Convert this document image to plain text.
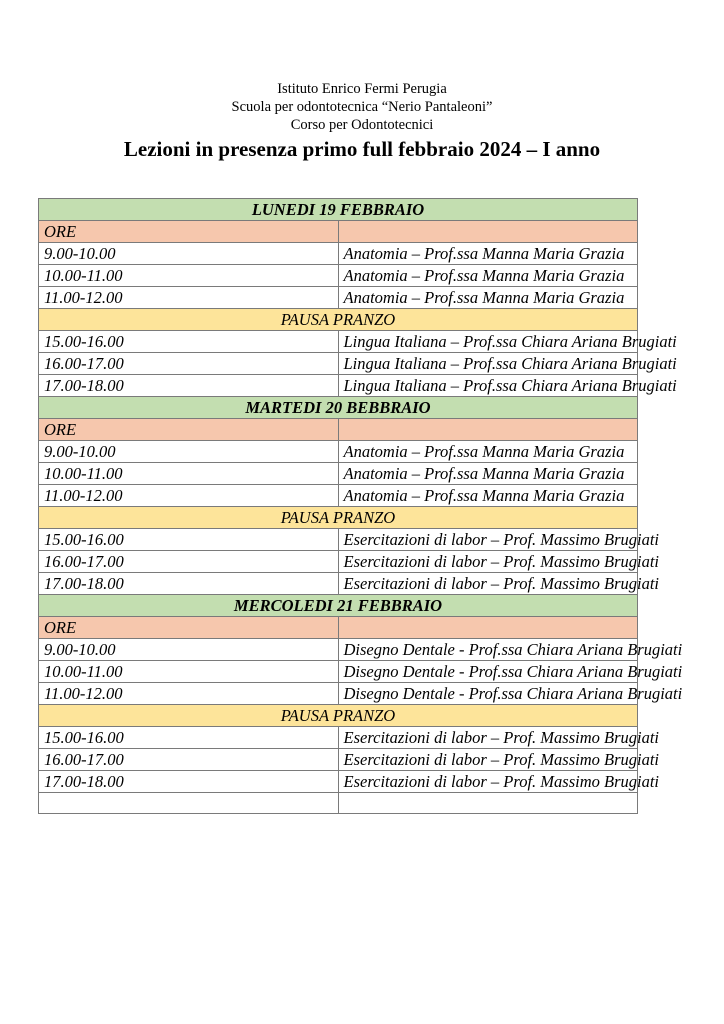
Istituto Enrico Fermi Perugia
Scuola per odontotecnica “Nerio Pantaleoni”
Corso per Odontotecnici
Lezioni in presenza primo full febbraio 2024 – I anno
LUNEDI 19 FEBBRAIO	
ORE	
9.00-10.00	Anatomia – Prof.ssa Manna Maria Grazia
10.00-11.00	Anatomia – Prof.ssa Manna Maria Grazia
11.00-12.00	Anatomia – Prof.ssa Manna Maria Grazia
PAUSA PRANZO	
15.00-16.00	Lingua Italiana – Prof.ssa Chiara Ariana Brugiati
16.00-17.00	Lingua Italiana – Prof.ssa Chiara Ariana Brugiati
17.00-18.00	Lingua Italiana – Prof.ssa Chiara Ariana Brugiati
MARTEDI 20 BEBBRAIO	
ORE	
9.00-10.00	Anatomia – Prof.ssa Manna Maria Grazia
10.00-11.00	Anatomia – Prof.ssa Manna Maria Grazia
11.00-12.00	Anatomia – Prof.ssa Manna Maria Grazia
PAUSA PRANZO	
15.00-16.00	Esercitazioni di labor – Prof. Massimo Brugiati
16.00-17.00	Esercitazioni di labor – Prof. Massimo Brugiati
17.00-18.00	Esercitazioni di labor – Prof. Massimo Brugiati
MERCOLEDI 21 FEBBRAIO	
ORE	
9.00-10.00	Disegno Dentale - Prof.ssa Chiara Ariana Brugiati
10.00-11.00	Disegno Dentale - Prof.ssa Chiara Ariana Brugiati
11.00-12.00	Disegno Dentale - Prof.ssa Chiara Ariana Brugiati
PAUSA PRANZO	
15.00-16.00	Esercitazioni di labor – Prof. Massimo Brugiati
16.00-17.00	Esercitazioni di labor – Prof. Massimo Brugiati
17.00-18.00	Esercitazioni di labor – Prof. Massimo Brugiati
